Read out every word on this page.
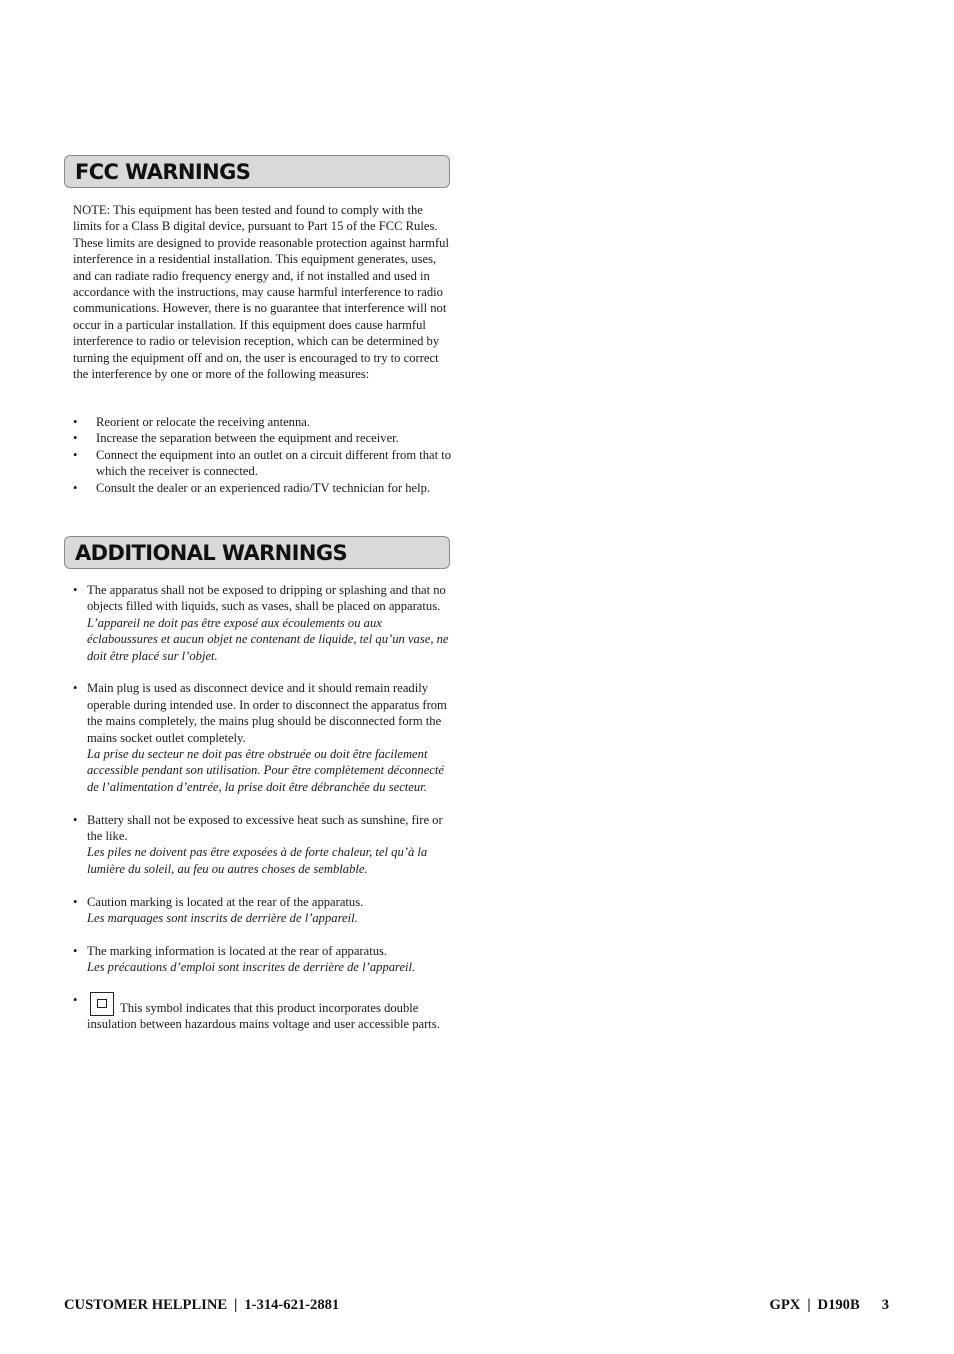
FCC WARNINGS
NOTE: This equipment has been tested and found to comply with the limits for a Class B digital device, pursuant to Part 15 of the FCC Rules. These limits are designed to provide reasonable protection against harmful interference in a residential installation. This equipment generates, uses, and can radiate radio frequency energy and, if not installed and used in accordance with the instructions, may cause harmful interference to radio communications. However, there is no guarantee that interference will not occur in a particular installation. If this equipment does cause harmful interference to radio or television reception, which can be determined by turning the equipment off and on, the user is encouraged to try to correct the interference by one or more of the following measures:
• Reorient or relocate the receiving antenna.
• Increase the separation between the equipment and receiver.
• Connect the equipment into an outlet on a circuit different from that to which the receiver is connected.
• Consult the dealer or an experienced radio/TV technician for help.
ADDITIONAL WARNINGS
• The apparatus shall not be exposed to dripping or splashing and that no objects filled with liquids, such as vases, shall be placed on apparatus.
L’appareil ne doit pas être exposé aux écoulements ou aux éclaboussures et aucun objet ne contenant de liquide, tel qu’un vase, ne doit être placé sur l’objet.
• Main plug is used as disconnect device and it should remain readily operable during intended use. In order to disconnect the apparatus from the mains completely, the mains plug should be disconnected form the mains socket outlet completely.
La prise du secteur ne doit pas être obstruée ou doit être facilement accessible pendant son utilisation. Pour être complètement déconnecté de l’alimentation d’entrée, la prise doit être débranchée du secteur.
• Battery shall not be exposed to excessive heat such as sunshine, fire or the like.
Les piles ne doivent pas être exposées à de forte chaleur, tel qu’à la lumière du soleil, au feu ou autres choses de semblable.
• Caution marking is located at the rear of the apparatus.
Les marquages sont inscrits de derrière de l’appareil.
• The marking information is located at the rear of apparatus.
Les précautions d’emploi sont inscrites de derrière de l’appareil.
• This symbol indicates that this product incorporates double
insulation between hazardous mains voltage and user accessible parts.
CUSTOMER HELPLINE | 1-314-621-2881	GPX | D190B 3
